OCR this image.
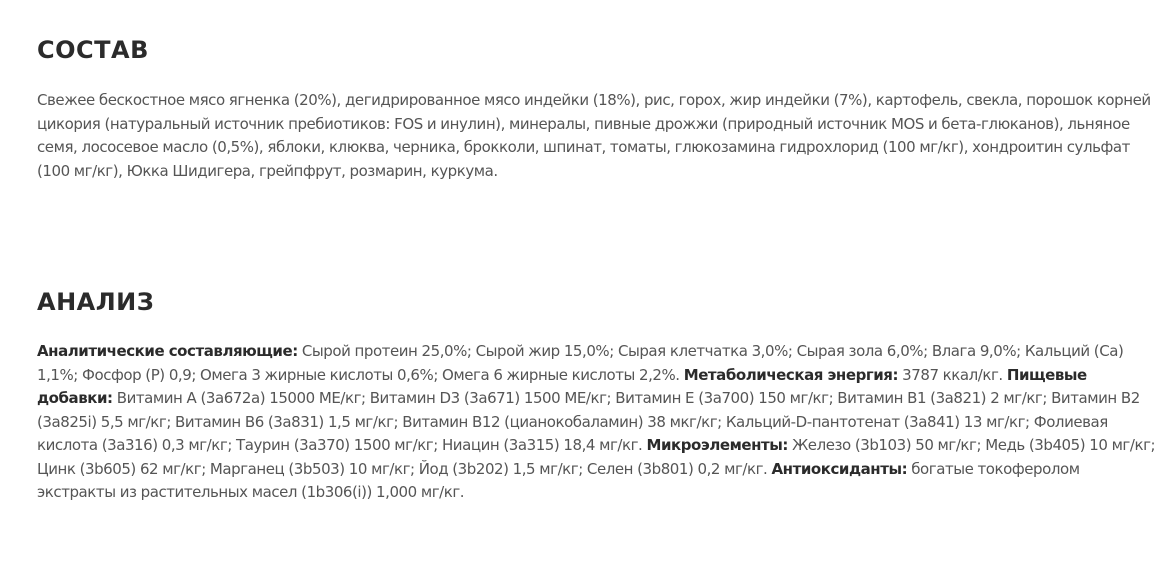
СОСТАВ
Свежее бескостное мясо ягненка (20%), дегидрированное мясо индейки (18%), рис, горох, жир индейки (7%), картофель, свекла, порошок корней цикория (натуральный источник пребиотиков: FOS и инулин), минералы, пивные дрожжи (природный источник MOS и бета-глюканов), льняное семя, лососевое масло (0,5%), яблоки, клюква, черника, брокколи, шпинат, томаты, глюкозамина гидрохлорид (100 мг/кг), хондроитин сульфат (100 мг/кг), Юкка Шидигера, грейпфрут, розмарин, куркума.
АНАЛИЗ
Аналитические составляющие: Сырой протеин 25,0%; Сырой жир 15,0%; Сырая клетчатка 3,0%; Сырая зола 6,0%; Влага 9,0%; Кальций (Ca) 1,1%; Фосфор (P) 0,9; Омега 3 жирные кислоты 0,6%; Омега 6 жирные кислоты 2,2%. Метаболическая энергия: 3787 ккал/кг. Пищевые добавки: Витамин A (3a672a) 15000 МЕ/кг; Витамин D3 (3a671) 1500 МЕ/кг; Витамин E (3a700) 150 мг/кг; Витамин B1 (3a821) 2 мг/кг; Витамин B2 (3a825i) 5,5 мг/кг; Витамин B6 (3a831) 1,5 мг/кг; Витамин B12 (цианокобаламин) 38 мкг/кг; Кальций-D-пантотенат (3a841) 13 мг/кг; Фолиевая кислота (3a316) 0,3 мг/кг; Таурин (3a370) 1500 мг/кг; Ниацин (3a315) 18,4 мг/кг. Микроэлементы: Железо (3b103) 50 мг/кг; Медь (3b405) 10 мг/кг; Цинк (3b605) 62 мг/кг; Марганец (3b503) 10 мг/кг; Йод (3b202) 1,5 мг/кг; Селен (3b801) 0,2 мг/кг. Антиоксиданты: богатые токоферолом экстракты из растительных масел (1b306(i)) 1,000 мг/кг.
